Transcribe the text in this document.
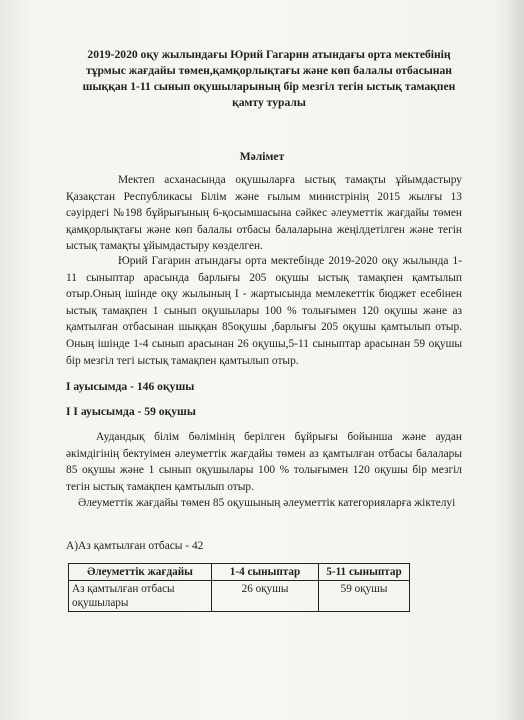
2019-2020 оқу жылындағы Юрий Гагарин атындағы орта мектебінің
тұрмыс жағдайы төмен,қамқорлықтағы және көп балалы отбасынан
шыққан 1-11 сынып оқушыларының бір мезгіл тегін ыстық тамақпен
қамту туралы
Мәлімет

Мектеп асханасында оқушыларға ыстық тамақты ұйымдастыру Қазақстан Республикасы Білім және ғылым министрінің 2015 жылғы 13 сәуірдегі №198 бұйрығының 6-қосымшасына сәйкес әлеуметтік жағдайы төмен қамқорлықтағы және көп балалы отбасы балаларына жеңілдетілген және тегін ыстық тамақты ұйымдастыру көзделген.

Юрий Гагарин атындағы орта мектебінде 2019-2020 оқу жылында 1-11 сыныптар арасында барлығы 205 оқушы ыстық тамақпен қамтылып отыр.Оның ішінде оқу жылының I - жартысында мемлекеттік бюджет есебінен ыстық тамақпен 1 сынып оқушылары 100 % толығымен 120 оқушы және аз қамтылған отбасынан шыққан 85оқушы ,барлығы 205 оқушы қамтылып отыр. Оның ішінде 1-4 сынып арасынан 26 оқушы,5-11 сыныптар арасынан 59 оқушы бір мезгіл тегі ыстық тамақпен қамтылып отыр.

I ауысымда - 146 оқушы
I I ауысымда - 59 оқушы

Аудандық білім бөлімінің берілген бұйрығы бойынша және аудан әкімдігінің бектуімен әлеуметтік жағдайы төмен аз қамтылған отбасы балалары 85 оқушы және 1 сынып оқушылары 100 % толығымен 120 оқушы бір мезгіл тегін ыстық тамақпен қамтылып отыр.

Әлеуметтік жағдайы төмен 85 оқушының әлеуметтік категорияларға жіктелуі

А)Аз қамтылған отбасы - 42
Әлеуметтік жағдайы	1-4 сыныптар	5-11 сыныптар
Аз қамтылған отбасы оқушылары	26 оқушы	59 оқушы
